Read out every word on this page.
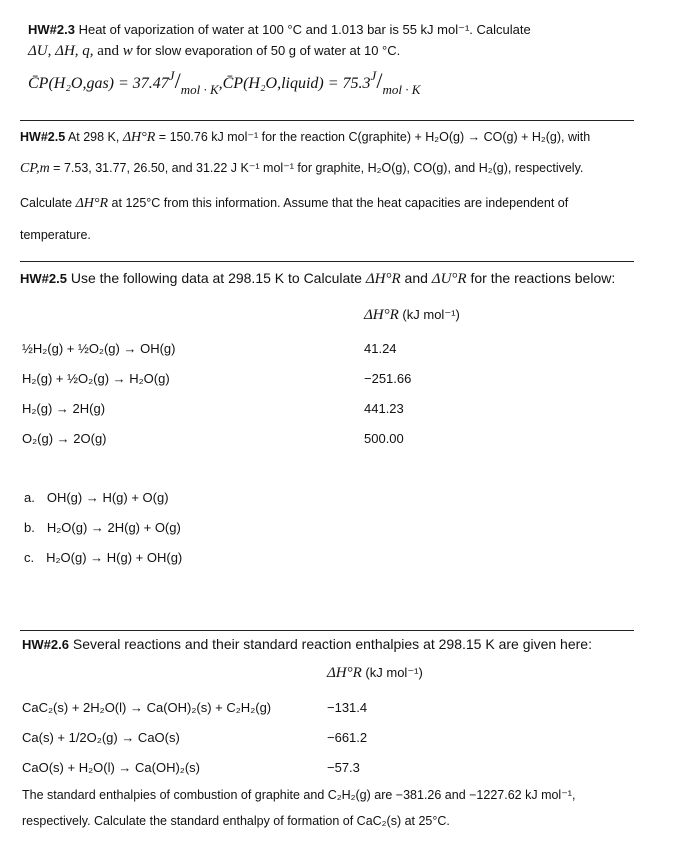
HW#2.3 Heat of vaporization of water at 100 °C and 1.013 bar is 55 kJ mol⁻¹. Calculate
ΔU, ΔH, q, and w for slow evaporation of 50 g of water at 10 °C.
C̄P(H₂O,gas) = $37.47^J/_{mol \cdot K},C̄P(H_2O,liquid) = 75.3^J/_{mol \cdot K}$
HW#2.5 At 298 K, ΔH°R = 150.76 kJ mol⁻¹ for the reaction C(graphite) + H₂O(g) → CO(g) + H₂(g), with
CP,m = 7.53, 31.77, 26.50, and 31.22 J K⁻¹ mol⁻¹ for graphite, H₂O(g), CO(g), and H₂(g), respectively.
Calculate ΔH°R at 125°C from this information. Assume that the heat capacities are independent of
temperature.
HW#2.5 Use the following data at 298.15 K to Calculate ΔH°R and ΔU°R for the reactions below:
ΔH°R (kJ mol⁻¹)
½H₂(g) + ½O₂(g) → OH(g)	41.24
H₂(g) + ½O₂(g) → H₂O(g)	−251.66
H₂(g) → 2H(g)	441.23
O₂(g) → 2O(g)	500.00
a. OH(g) → H(g) + O(g)
b. H₂O(g) → 2H(g) + O(g)
c. H₂O(g) → H(g) + OH(g)
HW#2.6 Several reactions and their standard reaction enthalpies at 298.15 K are given here:
ΔH°R (kJ mol⁻¹)
CaC₂(s) + 2H₂O(l) → Ca(OH)₂(s) + C₂H₂(g)	−131.4
Ca(s) + 1/2O₂(g) → CaO(s)	−661.2
CaO(s) + H₂O(l) → Ca(OH)₂(s)	−57.3
The standard enthalpies of combustion of graphite and C₂H₂(g) are −381.26 and −1227.62 kJ mol⁻¹,
respectively. Calculate the standard enthalpy of formation of CaC₂(s) at 25°C.
